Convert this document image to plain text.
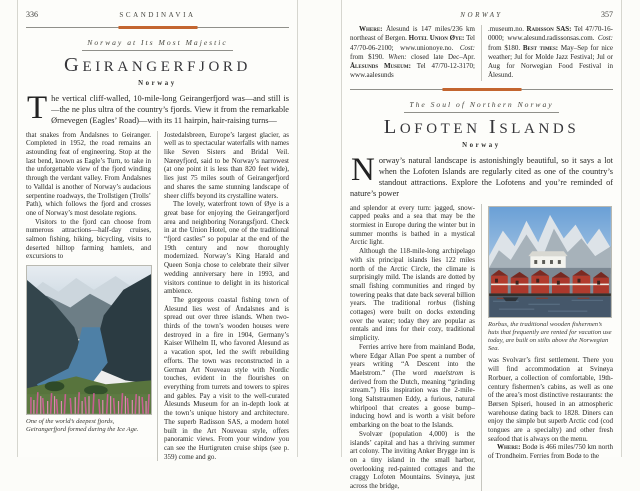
336	SCANDINAVIA
Norway at Its Most Majestic
GEIRANGERFJORD
Norway
The vertical cliff-walled, 10-mile-long Geirangerfjord was—and still is—the ne plus ultra of the country’s fjords. View it from the remarkable Ørnevegen (Eagles’ Road)—with its 11 hairpin, hair-raising turns—

that snakes from Åndalsnes to Geiranger. Completed in 1952, the road remains an astounding feat of engineering. Stop at the last bend, known as Eagle’s Turn, to take in the unforgettable view of the fjord winding through the verdant valley. From Åndalsnes to Valldal is another of Norway’s audacious serpentine roadways, the Trollstigen (Trolls’ Path), which follows the fjord and crosses one of Norway’s most desolate regions.

Visitors to the fjord can choose from numerous attractions—half-day cruises, salmon fishing, hiking, bicycling, visits to deserted hilltop farming hamlets, and excursions to

One of the world’s deepest fjords, Geirangerfjord formed during the Ice Age.

Jostedalsbreen, Europe’s largest glacier, as well as to spectacular waterfalls with names like Seven Sisters and Bridal Veil. Nærøyfjord, said to be Norway’s narrowest (at one point it is less than 820 feet wide), lies just 75 miles south of Geirangerfjord and shares the same stunning landscape of sheer cliffs beyond its crystalline waters.

The lovely, waterfront town of Øye is a great base for enjoying the Geirangerfjord area and neighboring Norangsfjord. Check in at the Union Hotel, one of the traditional “fjord castles” so popular at the end of the 19th century and now thoroughly modernized. Norway’s King Harald and Queen Sonja chose to celebrate their silver wedding anniversary here in 1993, and visitors continue to delight in its historical ambience.

The gorgeous coastal fishing town of Ålesund lies west of Åndalsnes and is spread out over three islands. When two-thirds of the town’s wooden houses were destroyed in a fire in 1904, Germany’s Kaiser Wilhelm II, who favored Ålesund as a vacation spot, led the swift rebuilding efforts. The town was reconstructed in a German Art Nouveau style with Nordic touches, evident in the flourishes on everything from turrets and towers to spires and gables. Pay a visit to the well-curated Ålesunds Museum for an in-depth look at the town’s unique history and architecture. The superb Radisson SAS, a modern hotel built in the Art Nouveau style, offers panoramic views. From your window you can see the Hurtigruten cruise ships (see p. 359) come and go.

NORWAY	357

Where: Ålesund is 147 miles/236 km northeast of Bergen. Hotel Union Øye: Tel 47/70-06-2100; www.unionoye.no. Cost: from $190. When: closed late Dec–Apr. Ålesunds Museum: Tel 47/70-12-3170; www.aalesunds

.museum.no. Radisson SAS: Tel 47/70-16-0000; www.alesund.radissonsas.com. Cost: from $180. Best times: May–Sep for nice weather; Jul for Molde Jazz Festival; Jul or Aug for Norwegian Food Festival in Ålesund.

The Soul of Northern Norway
LOFOTEN ISLANDS
Norway
Norway’s natural landscape is astonishingly beautiful, so it says a lot when the Lofoten Islands are regularly cited as one of the country’s standout attractions. Explore the Lofotens and you’re reminded of nature’s power

and splendor at every turn: jagged, snow-capped peaks and a sea that may be the stormiest in Europe during the winter but in summer months is bathed in a mystical Arctic light.

Although the 118-mile-long archipelago with six principal islands lies 122 miles north of the Arctic Circle, the climate is surprisingly mild. The islands are dotted by small fishing communities and ringed by towering peaks that date back several billion years. The traditional rorbus (fishing cottages) were built on docks extending over the water; today they are popular as rentals and inns for their cozy, traditional simplicity.

Ferries arrive here from mainland Bodø, where Edgar Allan Poe spent a number of years writing “A Descent into the Maelstrom.” (The word maelstrom is derived from the Dutch, meaning “grinding stream.”) His inspiration was the 2-mile-long Saltstraumen Eddy, a furious, natural whirlpool that creates a goose bump–inducing howl and is worth a visit before embarking on the boat to the Islands.

Svolvær (population 4,000) is the islands’ capital and has a thriving summer art colony. The inviting Anker Brygge inn is on a tiny island in the small harbor, overlooking red-painted cottages and the craggy Lofoten Mountains. Svinøya, just across the bridge,

Rorbus, the traditional wooden fishermen’s huts that frequently are rented for vacation use today, are built on stilts above the Norwegian Sea.

was Svolvær’s first settlement. There you will find accommodation at Svinøya Rorbuer, a collection of comfortable, 19th-century fishermen’s cabins, as well as one of the area’s most distinctive restaurants: the Børsen Spiseri, housed in an atmospheric warehouse dating back to 1828. Diners can enjoy the simple but superb Arctic cod (cod tongues are a specialty) and other fresh seafood that is always on the menu.

Where: Bodø is 466 miles/750 km north of Trondheim. Ferries from Bodø to the
